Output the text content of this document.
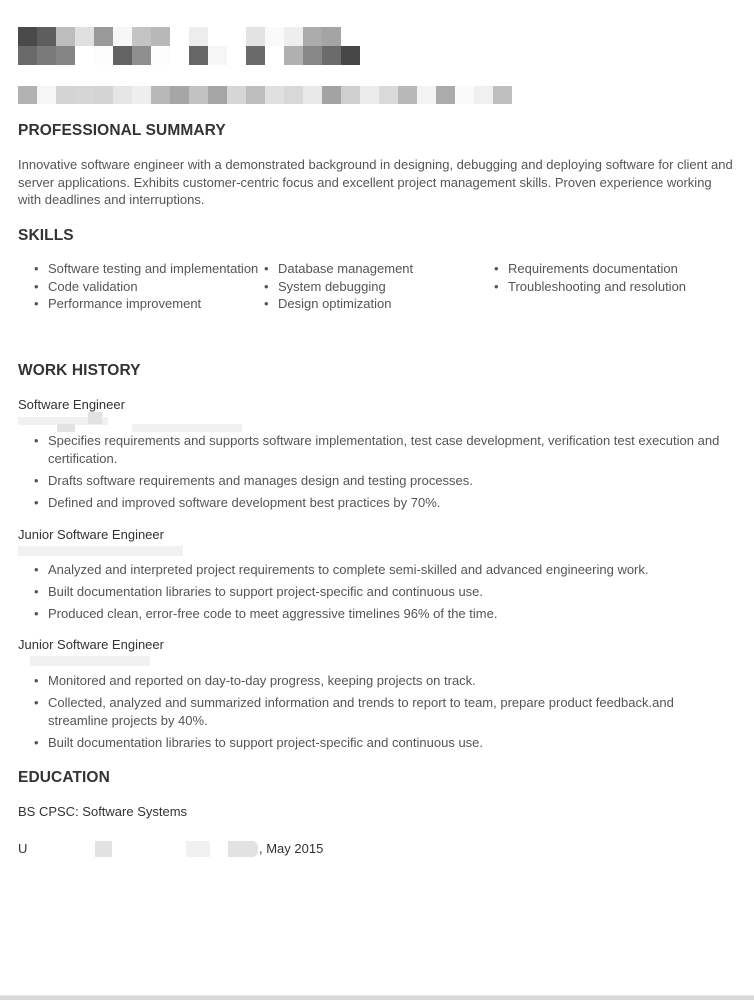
PROFESSIONAL SUMMARY

Innovative software engineer with a demonstrated background in designing, debugging and deploying software for client and server applications. Exhibits customer-centric focus and excellent project management skills. Proven experience working with deadlines and interruptions.

SKILLS
• Software testing and implementation	• Database management	• Requirements documentation
• Code validation	• System debugging	• Troubleshooting and resolution
• Performance improvement	• Design optimization
WORK HISTORY
Software Engineer
• Specifies requirements and supports software implementation, test case development, verification test execution and certification.
• Drafts software requirements and manages design and testing processes.
• Defined and improved software development best practices by 70%.
Junior Software Engineer
• Analyzed and interpreted project requirements to complete semi-skilled and advanced engineering work.
• Built documentation libraries to support project-specific and continuous use.
• Produced clean, error-free code to meet aggressive timelines 96% of the time.
Junior Software Engineer
• Monitored and reported on day-to-day progress, keeping projects on track.
• Collected, analyzed and summarized information and trends to report to team, prepare product feedback.and streamline projects by 40%.
• Built documentation libraries to support project-specific and continuous use.
EDUCATION
BS CPSC: Software Systems
U	, May 2015
